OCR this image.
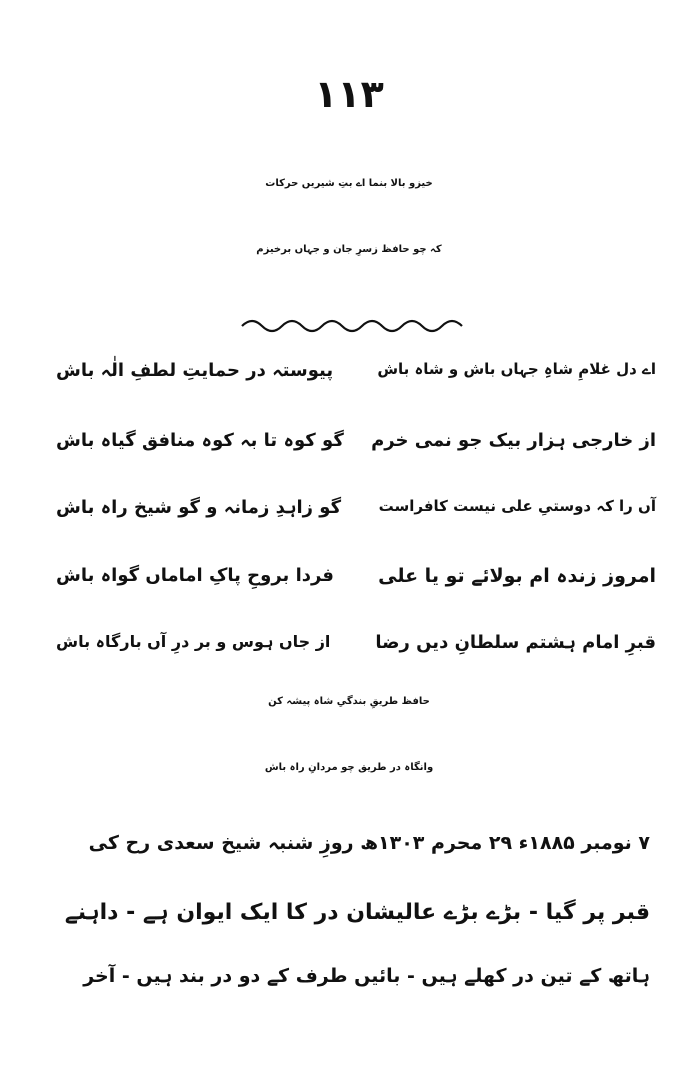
۱۱۳
خیزو بالا بنما اے بتِ شیریں حرکات
کہ چو حافظ زسرِ جان و جہاں برخیزم
اے دل غلامِ شاہِ جہاں باش و شاہ باش
پیوستہ در حمایتِ لطفِ الٰہ باش
از خارجی ہزار بیک جو نمی خرم
گو کوہ تا بہ کوہ منافق گیاہ باش
آں را کہ دوستیِ علی نیست کافراست
گو زاہدِ زمانہ و گو شیخ راہ باش
امروز زندہ ام بولائے تو یا علی
فردا بروحِ پاکِ اماماں گواہ باش
قبرِ امام ہشتم سلطانِ دیں رضا
از جاں ہوس و بر درِ آں بارگاہ باش
حافظ طریقِ بندگیِ شاہ پیشہ کن
وانگاہ در طریق چو مردانِ راہ باش
۷ نومبر ۱۸۸۵ء ۲۹ محرم ۱۳۰۳ھ روزِ شنبہ شیخ سعدی رح کی
قبر پر گیا - بڑے بڑے عالیشان در کا ایک ایوان ہے - داہنے
ہاتھ کے تین در کھلے ہیں - بائیں طرف کے دو در بند ہیں - آخر
